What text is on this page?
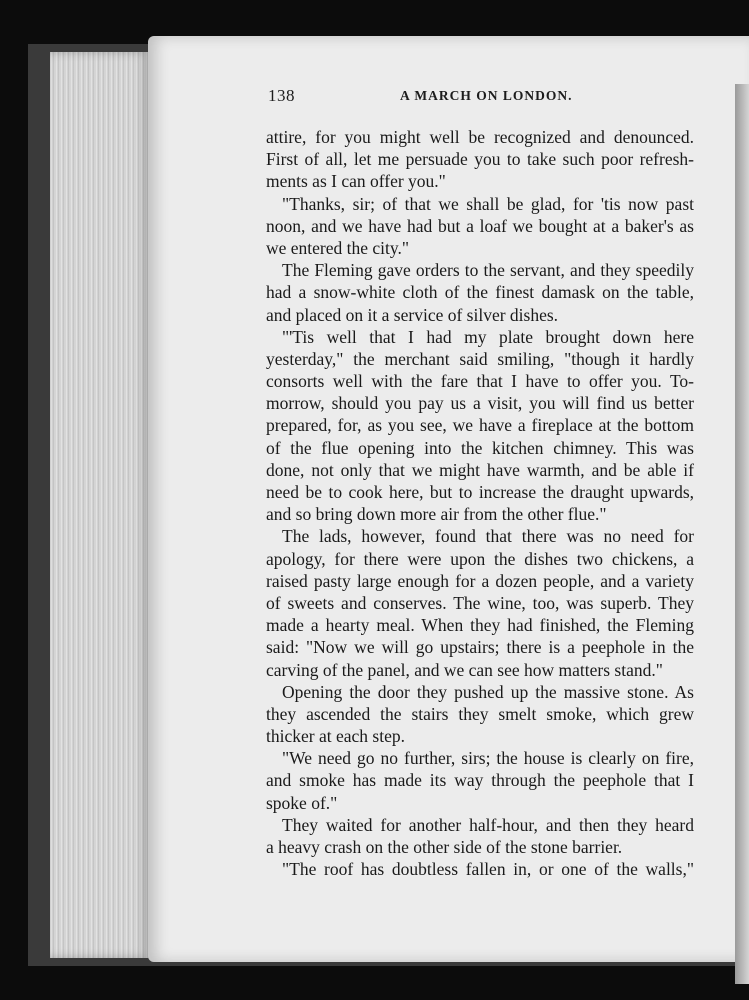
138	A MARCH ON LONDON.
attire, for you might well be recognized and denounced.
First of all, let me persuade you to take such poor refresh-
ments as I can offer you."
"Thanks, sir; of that we shall be glad, for 'tis now past
noon, and we have had but a loaf we bought at a baker's as
we entered the city."
The Fleming gave orders to the servant, and they speedily
had a snow-white cloth of the finest damask on the table,
and placed on it a service of silver dishes.
"'Tis well that I had my plate brought down here
yesterday," the merchant said smiling, "though it hardly
consorts well with the fare that I have to offer you. To-
morrow, should you pay us a visit, you will find us better
prepared, for, as you see, we have a fireplace at the bottom
of the flue opening into the kitchen chimney. This was
done, not only that we might have warmth, and be able if
need be to cook here, but to increase the draught upwards,
and so bring down more air from the other flue."
The lads, however, found that there was no need for
apology, for there were upon the dishes two chickens, a
raised pasty large enough for a dozen people, and a variety
of sweets and conserves. The wine, too, was superb. They
made a hearty meal. When they had finished, the Fleming
said: "Now we will go upstairs; there is a peephole in the
carving of the panel, and we can see how matters stand."
Opening the door they pushed up the massive stone. As
they ascended the stairs they smelt smoke, which grew
thicker at each step.
"We need go no further, sirs; the house is clearly on fire,
and smoke has made its way through the peephole that I
spoke of."
They waited for another half-hour, and then they heard
a heavy crash on the other side of the stone barrier.
"The roof has doubtless fallen in, or one of the walls,"
